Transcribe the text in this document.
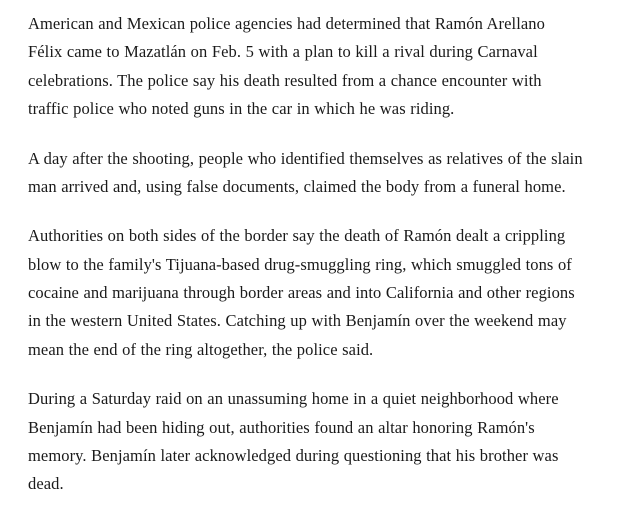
American and Mexican police agencies had determined that Ramón Arellano Félix came to Mazatlán on Feb. 5 with a plan to kill a rival during Carnaval celebrations. The police say his death resulted from a chance encounter with traffic police who noted guns in the car in which he was riding.

A day after the shooting, people who identified themselves as relatives of the slain man arrived and, using false documents, claimed the body from a funeral home.

Authorities on both sides of the border say the death of Ramón dealt a crippling blow to the family's Tijuana-based drug-smuggling ring, which smuggled tons of cocaine and marijuana through border areas and into California and other regions in the western United States. Catching up with Benjamín over the weekend may mean the end of the ring altogether, the police said.

During a Saturday raid on an unassuming home in a quiet neighborhood where Benjamín had been hiding out, authorities found an altar honoring Ramón's memory. Benjamín later acknowledged during questioning that his brother was dead.
